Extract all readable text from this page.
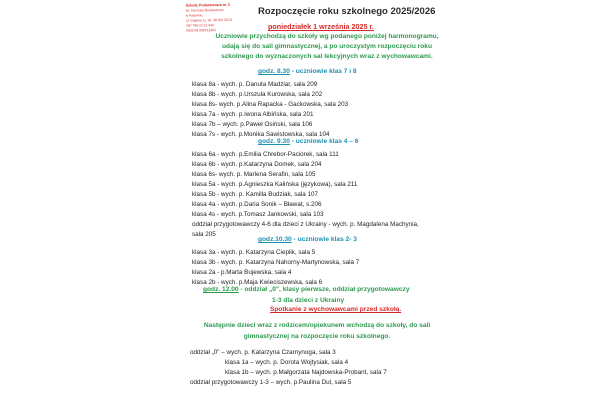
Szkoła Podstawowa nr 2
im. Henryka Sienkiewicza
w Radomiu
ul. Gajowa 11, tel. 48 362 60 01
NIP 796-22-11-430
REGON 000722453
Rozpoczęcie roku szkolnego 2025/2026
poniedziałek 1 września 2025 r.
Uczniowie przychodzą do szkoły wg podanego poniżej harmonogramu,
udają się do sali gimnastycznej, a po uroczystym rozpoczęciu roku
szkolnego do wyznaczonych sal lekcyjnych wraz z wychowawcami.
godz. 8.30 - uczniowie klas 7 i 8
klasa 8a - wych. p. Danuta Madziar, sala 209
klasa 8b - wych. p.Urszula Kurowska, sala 202
klasa 8s- wych. p.Alina Rapacka - Gackowska, sala 203
klasa 7a - wych. p.Iwona Albińska, sala 201
klasa 7b – wych. p.Paweł Osiński, sala 106
klasa 7s - wych. p.Monika Sawistowska, sala 104
godz. 9.30 - uczniowie klas 4 – 6
klasa 6a - wych. p.Emilia Chrebor-Paciorek, sala 111
klasa 6b - wych. p.Katarzyna Domek, sala 204
klasa 6s- wych. p. Marlena Serafin, sala 105
klasa 5a - wych. p.Agnieszka Kalińska (językowa), sala 211
klasa 5b - wych. p. Kamilla Budziak, sala 107
klasa 4a - wych. p.Daria Sonik – Bławat, s.206
klasa 4s - wych. p.Tomasz Jankowski, sala 103
oddział przygotowawczy 4-6 dla dzieci z Ukrainy - wych. p. Magdalena Machynia, sala 205
godz.10.30 - uczniowie klas 2- 3
klasa 3a - wych. p. Katarzyna Cieplik, sala 5
klasa 3b - wych. p. Katarzyna Nahorny-Martynowska, sala 7
klasa 2a - p.Marta Bujewska, sala 4
klasa 2b - wych. p.Maja Kwieciszewska, sala 6
godz. 12.00 - oddział „0", klasy pierwsze, oddział przygotowawczy
1-3 dla dzieci z Ukrainy
Spotkanie z wychowawcami przed szkołą.
Następnie dzieci wraz z rodzicem/opiekunem wchodzą do szkoły, do sali
gimnastycznej na rozpoczęcie roku szkolnego.
oddział „0" – wych. p. Katarzyna Czarnynoga, sala 3
klasa 1a – wych. p. Dorota Wojtysiak, sala 4
klasa 1b – wych. p.Małgorzata Najdowska-Probant, sala 7
oddział przygotowawczy 1-3 – wych. p.Paulina Dul, sala 5
